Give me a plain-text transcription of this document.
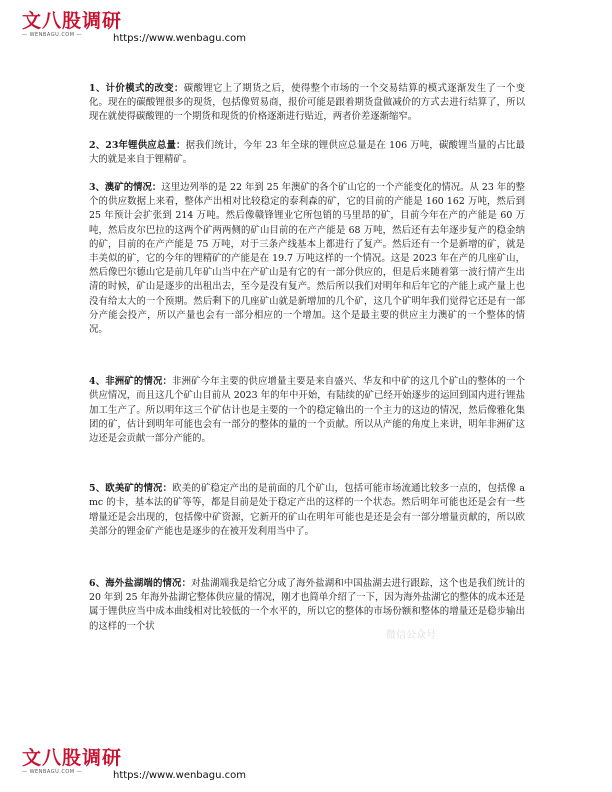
文八股调研
— WENBAGU.COM —	https://www.wenbagu.com

1、计价模式的改变：碳酸锂它上了期货之后，使得整个市场的一个交易结算的模式逐渐发生了一个变化。现在的碳酸锂很多的现货，包括像贸易商，报价可能是跟着期货盘做减价的方式去进行结算了，所以现在就使得碳酸锂的一个期货和现货的价格逐渐进行贴近，两者价差逐渐缩窄。

2、23年锂供应总量：据我们统计，今年 23 年全球的锂供应总量是在 106 万吨，碳酸锂当量的占比最大的就是来自于锂精矿。

3、澳矿的情况：这里边列举的是 22 年到 25 年澳矿的各个矿山它的一个产能变化的情况。从 23 年的整个的供应数据上来看，整体产出相对比较稳定的泰利森的矿，它的目前的产能是 160 162 万吨，然后到 25 年预计会扩张到 214 万吨。然后像赣锋锂业它所包销的马里昂的矿，目前今年在产的产能是 60 万吨，然后皮尔巴拉的这两个矿两两侧的矿山目前的在产产能是 68 万吨，然后还有去年逐步复产的稳金纳的矿，目前的在产产能是 75 万吨，对于三条产线基本上都进行了复产。然后还有一个是新增的矿，就是丰美似的矿，它的今年的锂精矿的产能是在 19.7 万吨这样的一个情况。这是 2023 年在产的几座矿山，然后像巴尔德山它是前几年矿山当中在产矿山是有它的有一部分供应的，但是后来随着第一波行情产生出清的时候，矿山是逐步的出租出去，至今是没有复产。然后所以我们对明年和后年它的产能上或产量上也没有给太大的一个预期。然后剩下的几座矿山就是新增加的几个矿，这几个矿明年我们觉得它还是有一部分产能会投产，所以产量也会有一部分相应的一个增加。这个是最主要的供应主力澳矿的一个整体的情况。

4、非洲矿的情况：非洲矿今年主要的供应增量主要是来自盛兴、华友和中矿的这几个矿山的整体的一个供应情况，而且这几个矿山目前从 2023 年的年中开始，有陆续的矿已经开始逐步的运回到国内进行锂盐加工生产了。所以明年这三个矿估计也是主要的一个的稳定输出的一个主力的这边的情况，然后像雅化集团的矿，估计到明年可能也会有一部分的整体的量的一个贡献。所以从产能的角度上来讲，明年非洲矿这边还是会贡献一部分产能的。

5、欧美矿的情况：欧美的矿稳定产出的是前面的几个矿山，包括可能市场流通比较多一点的，包括像 amc 的卡，基本法的矿等等，都是目前是处于稳定产出的这样的一个状态。然后明年可能也还是会有一些增量还是会出现的，包括像中矿资源，它新开的矿山在明年可能也是还是会有一部分增量贡献的，所以欧美部分的锂金矿产能也是逐步的在被开发利用当中了。

6、海外盐湖端的情况：对盐湖端我是给它分成了海外盐湖和中国盐湖去进行跟踪，这个也是我们统计的 20 年到 25 年海外盐湖它整体供应量的情况，刚才也简单介绍了一下，因为海外盐湖它的整体的成本还是属于锂供应当中成本曲线相对比较低的一个水平的，所以它的整体的市场份额和整体的增量还是稳步输出的这样的一个状

微信公众号
文八股调研
— WENBAGU.COM —	https://www.wenbagu.com
